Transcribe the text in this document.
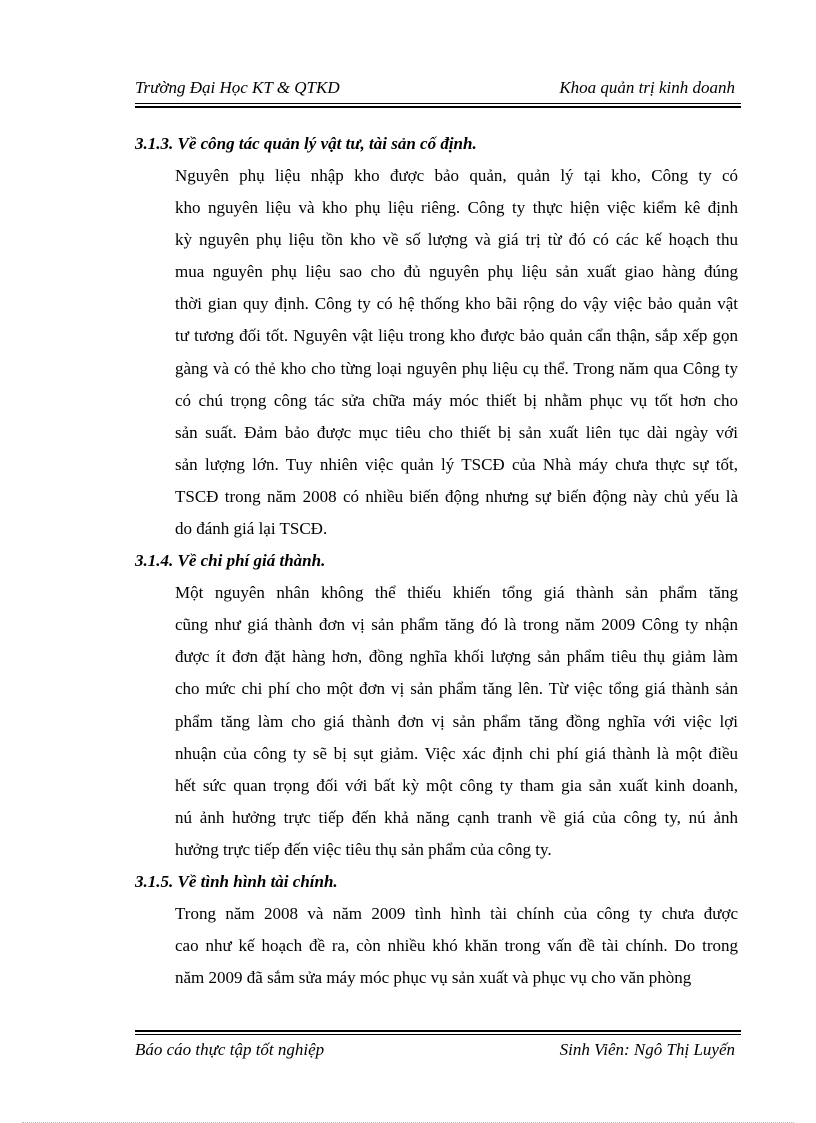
Trường Đại Học KT & QTKD	Khoa quản trị kinh doanh
3.1.3. Về công tác quản lý vật tư, tài sản cố định.

Nguyên phụ liệu nhập kho được bảo quản, quản lý tại kho, Công ty có
kho nguyên liệu và kho phụ liệu riêng. Công ty thực hiện việc kiểm kê định
kỳ nguyên phụ liệu tồn kho về số lượng và giá trị từ đó có các kế hoạch thu
mua nguyên phụ liệu sao cho đủ nguyên phụ liệu sản xuất giao hàng đúng
thời gian quy định. Công ty có hệ thống kho bãi rộng do vậy việc bảo quản vật
tư tương đối tốt. Nguyên vật liệu trong kho được bảo quản cẩn thận, sắp xếp gọn
gàng và có thẻ kho cho từng loại nguyên phụ liệu cụ thể. Trong năm qua Công ty
có chú trọng công tác sửa chữa máy móc thiết bị nhằm phục vụ tốt hơn cho
sản suất. Đảm bảo được mục tiêu cho thiết bị sản xuất liên tục dài ngày với
sản lượng lớn. Tuy nhiên việc quản lý TSCĐ của Nhà máy chưa thực sự tốt,
TSCĐ trong năm 2008 có nhiều biến động nhưng sự biến động này chủ yếu là
do đánh giá lại TSCĐ.

3.1.4. Về chi phí giá thành.

Một nguyên nhân không thể thiếu khiến tổng giá thành sản phẩm tăng
cũng như giá thành đơn vị sản phẩm tăng đó là trong năm 2009 Công ty nhận
được ít đơn đặt hàng hơn, đồng nghĩa khối lượng sản phẩm tiêu thụ giảm làm
cho mức chi phí cho một đơn vị sản phẩm tăng lên. Từ việc tổng giá thành sản
phẩm tăng làm cho giá thành đơn vị sản phẩm tăng đồng nghĩa với việc lợi
nhuận của công ty sẽ bị sụt giảm. Việc xác định chi phí giá thành là một điều
hết sức quan trọng đối với bất kỳ một công ty tham gia sản xuất kinh doanh,
nú ảnh hưởng trực tiếp đến khả năng cạnh tranh về giá của công ty, nú ảnh
hưởng trực tiếp đến việc tiêu thụ sản phẩm của công ty.

3.1.5. Về tình hình tài chính.

Trong năm 2008 và năm 2009 tình hình tài chính của công ty chưa được
cao như kế hoạch đề ra, còn nhiều khó khăn trong vấn đề tài chính. Do trong
năm 2009 đã sắm sửa máy móc phục vụ sản xuất và phục vụ cho văn phòng

Báo cáo thực tập tốt nghiệp	Sinh Viên: Ngô Thị Luyến
